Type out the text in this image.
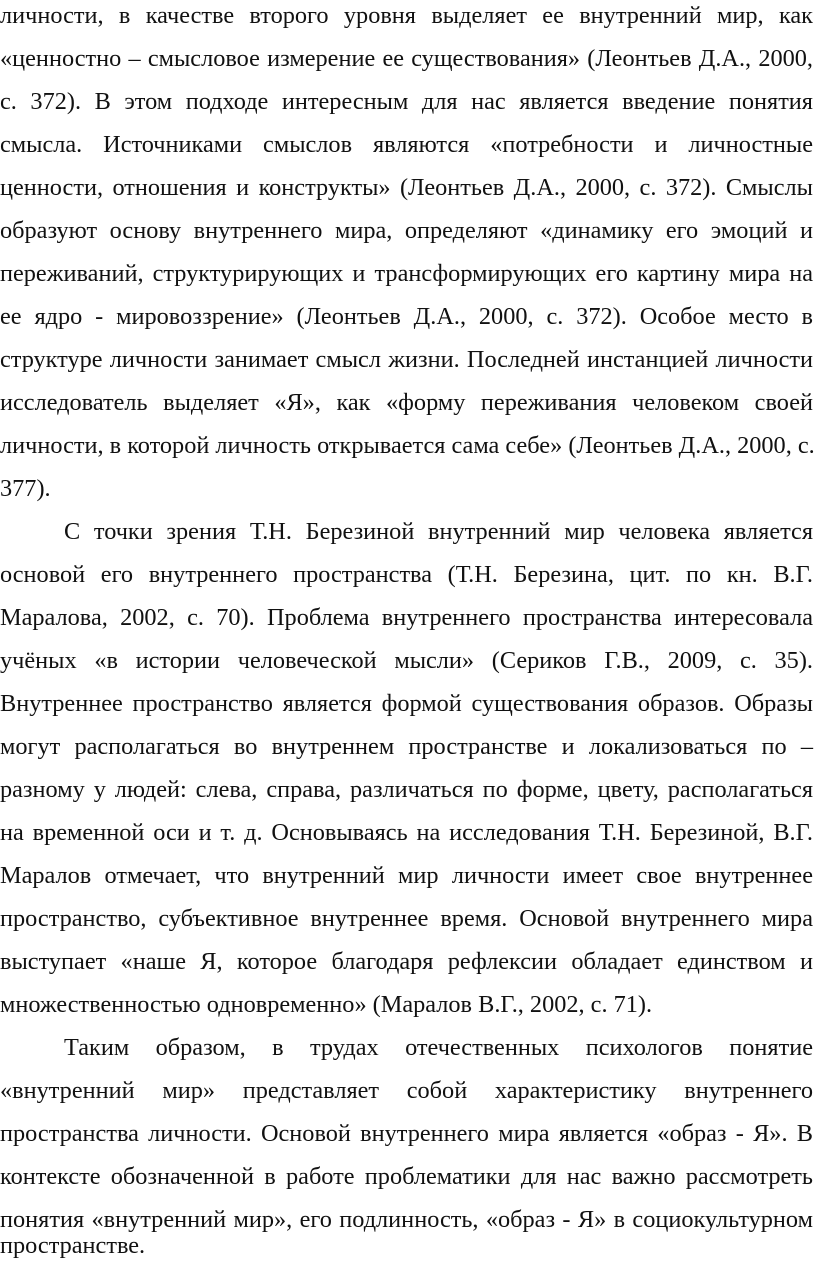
личности, в качестве второго уровня выделяет ее внутренний мир, как
«ценностно – смысловое измерение ее существования» (Леонтьев Д.А., 2000,
с. 372). В этом подходе интересным для нас является введение понятия
смысла. Источниками смыслов являются «потребности и личностные
ценности, отношения и конструкты» (Леонтьев Д.А., 2000, с. 372). Смыслы
образуют основу внутреннего мира, определяют «динамику его эмоций и
переживаний, структурирующих и трансформирующих его картину мира на
ее ядро - мировоззрение» (Леонтьев Д.А., 2000, с. 372). Особое место в
структуре личности занимает смысл жизни. Последней инстанцией личности
исследователь выделяет «Я», как «форму переживания человеком своей
личности, в которой личность открывается сама себе» (Леонтьев Д.А., 2000, с.
377).
С точки зрения Т.Н. Березиной внутренний мир человека является
основой его внутреннего пространства (Т.Н. Березина, цит. по кн. В.Г.
Маралова, 2002, с. 70). Проблема внутреннего пространства интересовала
учёных «в истории человеческой мысли» (Сериков Г.В., 2009, с. 35).
Внутреннее пространство является формой существования образов. Образы
могут располагаться во внутреннем пространстве и локализоваться по –
разному у людей: слева, справа, различаться по форме, цвету, располагаться
на временной оси и т. д. Основываясь на исследования Т.Н. Березиной, В.Г.
Маралов отмечает, что внутренний мир личности имеет свое внутреннее
пространство, субъективное внутреннее время. Основой внутреннего мира
выступает «наше Я, которое благодаря рефлексии обладает единством и
множественностью одновременно» (Маралов В.Г., 2002, с. 71).
Таким образом, в трудах отечественных психологов понятие
«внутренний мир» представляет собой характеристику внутреннего
пространства личности. Основой внутреннего мира является «образ - Я». В
контексте обозначенной в работе проблематики для нас важно рассмотреть
понятия «внутренний мир», его подлинность, «образ - Я» в социокультурном
пространстве.
